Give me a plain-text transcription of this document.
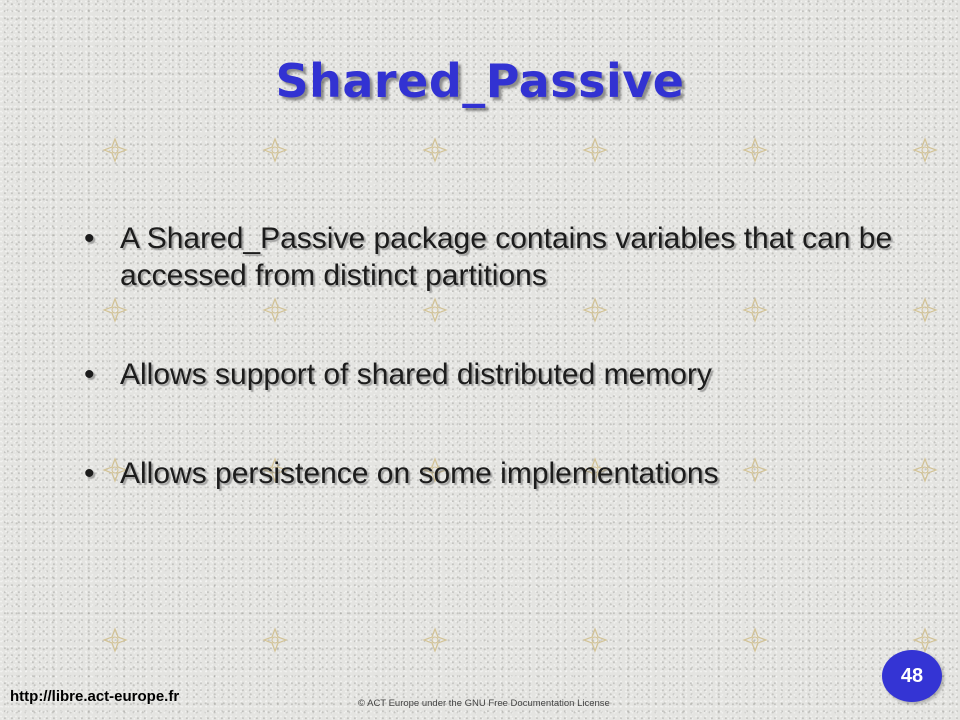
Shared_Passive
• A Shared_Passive package contains variables that can be accessed from distinct partitions
• Allows support of shared distributed memory
• Allows persistence on some implementations
http://libre.act-europe.fr	© ACT Europe under the GNU Free Documentation License
48
